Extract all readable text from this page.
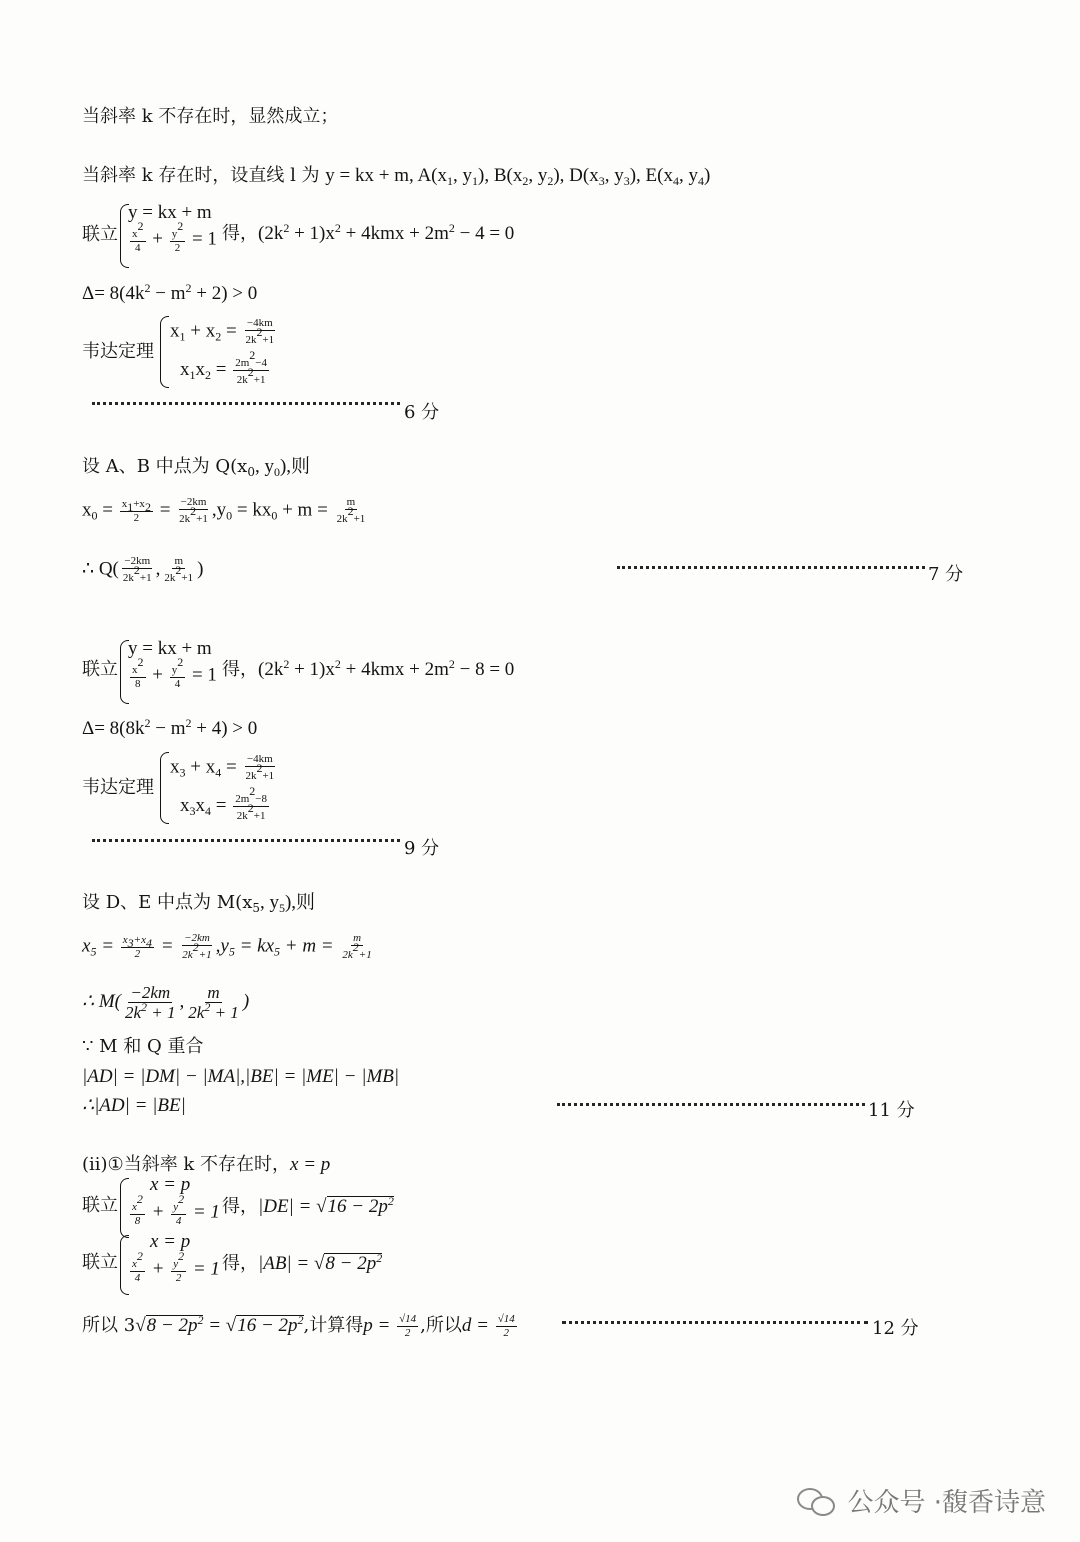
当斜率 k 不存在时，显然成立；
当斜率 k 存在时，设直线 l 为 y = kx + m, $A(x_1$, $y_1$), $B(x_2$, $y_2$), $D(x_3$, $y_3$), $E(x_4$, $y_4$)
联立
y = kx + m
$\frac{x^2}{4} + \frac{y^2}{2} = 1$ 得，$(2k^2 + 1)x^2 + 4kmx + 2m^2 - 4 = 0$
$\Delta= 8(4k^2 - m^2 + 2) > 0$
韦达定理
$x_1 + x_2 = \frac{-4km}{2k^2+1}$
$x_1x_2 = \frac{2m^2-4}{2k^2+1}$
6 分
设 A、B 中点为 $Q(x_0$, $y_0$),则
$x_0 = \frac{x_1+x_2}{2} = \frac{-2km}{2k^2+1} ,y_0 = kx_0 + m = \frac{m}{2k^2+1}$
∴ $Q( \frac{-2km}{2k^2+1}$ , $\frac{m}{2k^2+1}$ )	7 分
联立
y = kx + m
$\frac{x^2}{8} + \frac{y^2}{4} = 1$ 得，$(2k^2 + 1)x^2 + 4kmx + 2m^2 - 8 = 0$
$\Delta= 8(8k^2 - m^2 + 4) > 0$
韦达定理
$x_3 + x_4 = \frac{-4km}{2k^2+1}$
$x_3x_4 = \frac{2m^2-8}{2k^2+1}$
9 分
设 D、E 中点为 $M(x_5$, $y_5$),则
$x_5 = \frac{x_3+x_4}{2} = \frac{-2km}{2k^2+1} ,y_5 = kx_5 + m = \frac{m}{2k^2+1}$
∴ $M( \frac{-2km}{2k^2 + 1}$ , $\frac{m}{2k^2 + 1}$ )
∵ M 和 Q 重合
|AD| = |DM| − |MA|,|BE| = |ME| − |MB|
∴|AD| = |BE|	11 分
(ii)①当斜率 k 不存在时，x = p
联立
x = p
$\frac{x^2}{8} + \frac{y^2}{4} = 1$ 得，$|DE| = √16 - 2p^2$
联立
x = p
$\frac{x^2}{4} + \frac{y^2}{2} = 1$ 得，$|AB| = √8 - 2p^2$
所以 $3√8 - 2p^2 = √16 - 2p^2$,计算得$p = \frac{√14}{2}$ ,所以$d = \frac{√14}{2}$	12 分
公众号 · 馥香诗意
